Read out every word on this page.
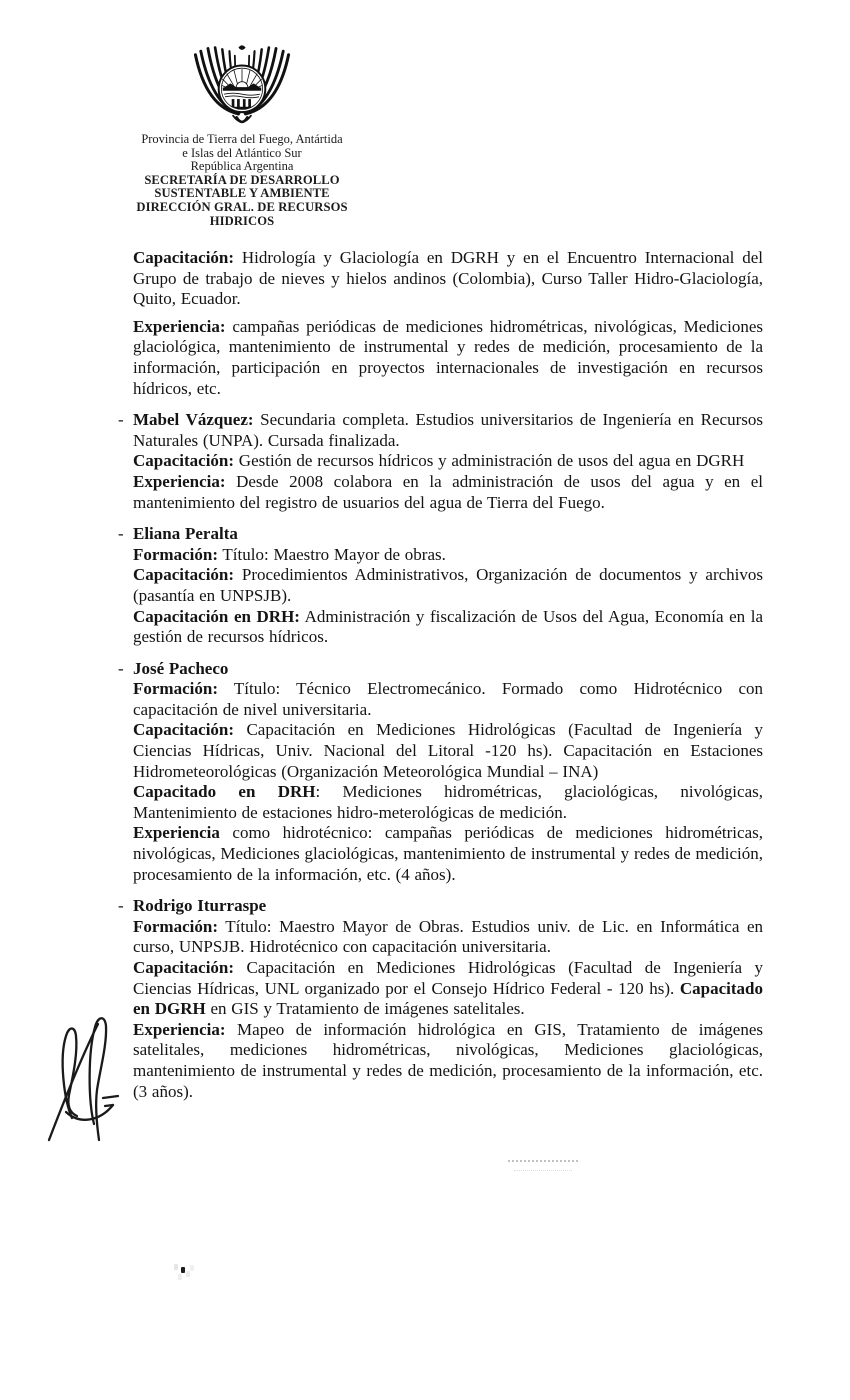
Provincia de Tierra del Fuego, Antártida
e Islas del Atlántico Sur
República Argentina
SECRETARÍA DE DESARROLLO
SUSTENTABLE Y AMBIENTE
DIRECCIÓN GRAL. DE RECURSOS
HIDRICOS

Capacitación: Hidrología y Glaciología en DGRH y en el Encuentro Internacional del Grupo de trabajo de nieves y hielos andinos (Colombia), Curso Taller Hidro-Glaciología, Quito, Ecuador.

Experiencia: campañas periódicas de mediciones hidrométricas, nivológicas, Mediciones glaciológica, mantenimiento de instrumental y redes de medición, procesamiento de la información, participación en proyectos internacionales de investigación en recursos hídricos, etc.

- Mabel Vázquez: Secundaria completa. Estudios universitarios de Ingeniería en Recursos Naturales (UNPA). Cursada finalizada.

Capacitación: Gestión de recursos hídricos y administración de usos del agua en DGRH

Experiencia: Desde 2008 colabora en la administración de usos del agua y en el mantenimiento del registro de usuarios del agua de Tierra del Fuego.

- Eliana Peralta

Formación: Título: Maestro Mayor de obras.

Capacitación: Procedimientos Administrativos, Organización de documentos y archivos (pasantía en UNPSJB).

Capacitación en DRH: Administración y fiscalización de Usos del Agua, Economía en la gestión de recursos hídricos.

- José Pacheco

Formación: Título: Técnico Electromecánico. Formado como Hidrotécnico con capacitación de nivel universitaria.

Capacitación: Capacitación en Mediciones Hidrológicas (Facultad de Ingeniería y Ciencias Hídricas, Univ. Nacional del Litoral -120 hs). Capacitación en Estaciones Hidrometeorológicas (Organización Meteorológica Mundial – INA)

Capacitado en DRH: Mediciones hidrométricas, glaciológicas, nivológicas, Mantenimiento de estaciones hidro-meterológicas de medición.

Experiencia como hidrotécnico: campañas periódicas de mediciones hidrométricas, nivológicas, Mediciones glaciológicas, mantenimiento de instrumental y redes de medición, procesamiento de la información, etc. (4 años).

- Rodrigo Iturraspe

Formación: Título: Maestro Mayor de Obras. Estudios univ. de Lic. en Informática en curso, UNPSJB. Hidrotécnico con capacitación universitaria.

Capacitación: Capacitación en Mediciones Hidrológicas (Facultad de Ingeniería y Ciencias Hídricas, UNL organizado por el Consejo Hídrico Federal - 120 hs). Capacitado en DGRH en GIS y Tratamiento de imágenes satelitales.

Experiencia: Mapeo de información hidrológica en GIS, Tratamiento de imágenes satelitales, mediciones hidrométricas, nivológicas, Mediciones glaciológicas, mantenimiento de instrumental y redes de medición, procesamiento de la información, etc. (3 años).
